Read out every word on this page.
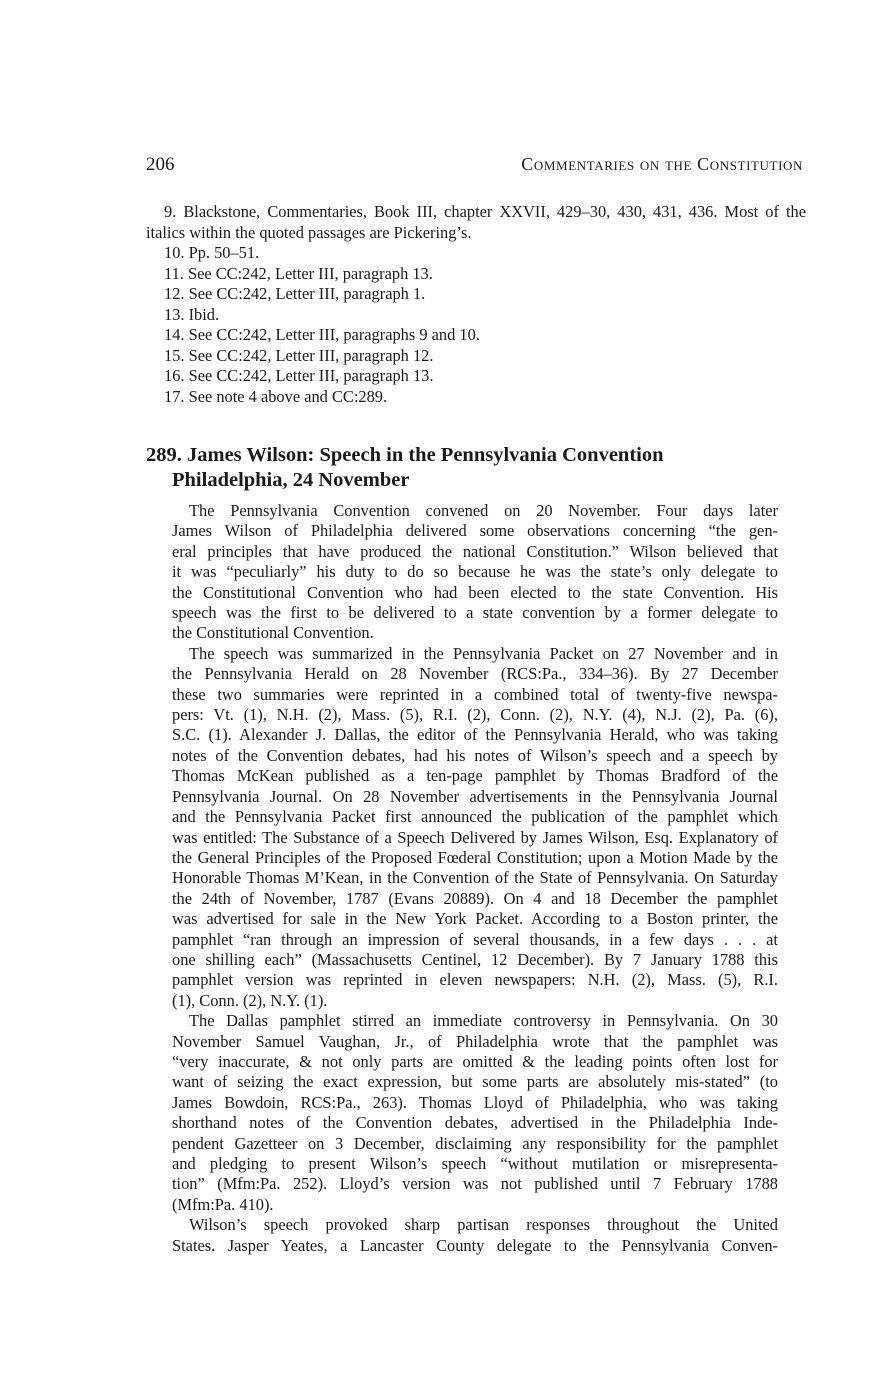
206	Commentaries on the Constitution
9. Blackstone, Commentaries, Book III, chapter XXVII, 429–30, 430, 431, 436. Most of the italics within the quoted passages are Pickering’s.
10. Pp. 50–51.
11. See CC:242, Letter III, paragraph 13.
12. See CC:242, Letter III, paragraph 1.
13. Ibid.
14. See CC:242, Letter III, paragraphs 9 and 10.
15. See CC:242, Letter III, paragraph 12.
16. See CC:242, Letter III, paragraph 13.
17. See note 4 above and CC:289.
289. James Wilson: Speech in the Pennsylvania Convention
Philadelphia, 24 November
The Pennsylvania Convention convened on 20 November. Four days later
James Wilson of Philadelphia delivered some observations concerning “the gen-
eral principles that have produced the national Constitution.” Wilson believed that
it was “peculiarly” his duty to do so because he was the state’s only delegate to
the Constitutional Convention who had been elected to the state Convention. His
speech was the first to be delivered to a state convention by a former delegate to
the Constitutional Convention.
The speech was summarized in the Pennsylvania Packet on 27 November and in
the Pennsylvania Herald on 28 November (RCS:Pa., 334–36). By 27 December
these two summaries were reprinted in a combined total of twenty-five newspa-
pers: Vt. (1), N.H. (2), Mass. (5), R.I. (2), Conn. (2), N.Y. (4), N.J. (2), Pa. (6),
S.C. (1). Alexander J. Dallas, the editor of the Pennsylvania Herald, who was taking
notes of the Convention debates, had his notes of Wilson’s speech and a speech by
Thomas McKean published as a ten-page pamphlet by Thomas Bradford of the
Pennsylvania Journal. On 28 November advertisements in the Pennsylvania Journal
and the Pennsylvania Packet first announced the publication of the pamphlet which
was entitled: The Substance of a Speech Delivered by James Wilson, Esq. Explanatory of
the General Principles of the Proposed Fœderal Constitution; upon a Motion Made by the
Honorable Thomas M’Kean, in the Convention of the State of Pennsylvania. On Saturday
the 24th of November, 1787 (Evans 20889). On 4 and 18 December the pamphlet
was advertised for sale in the New York Packet. According to a Boston printer, the
pamphlet “ran through an impression of several thousands, in a few days . . . at
one shilling each” (Massachusetts Centinel, 12 December). By 7 January 1788 this
pamphlet version was reprinted in eleven newspapers: N.H. (2), Mass. (5), R.I.
(1), Conn. (2), N.Y. (1).
The Dallas pamphlet stirred an immediate controversy in Pennsylvania. On 30
November Samuel Vaughan, Jr., of Philadelphia wrote that the pamphlet was
“very inaccurate, & not only parts are omitted & the leading points often lost for
want of seizing the exact expression, but some parts are absolutely mis-stated” (to
James Bowdoin, RCS:Pa., 263). Thomas Lloyd of Philadelphia, who was taking
shorthand notes of the Convention debates, advertised in the Philadelphia Inde-
pendent Gazetteer on 3 December, disclaiming any responsibility for the pamphlet
and pledging to present Wilson’s speech “without mutilation or misrepresenta-
tion” (Mfm:Pa. 252). Lloyd’s version was not published until 7 February 1788
(Mfm:Pa. 410).
Wilson’s speech provoked sharp partisan responses throughout the United
States. Jasper Yeates, a Lancaster County delegate to the Pennsylvania Conven-
